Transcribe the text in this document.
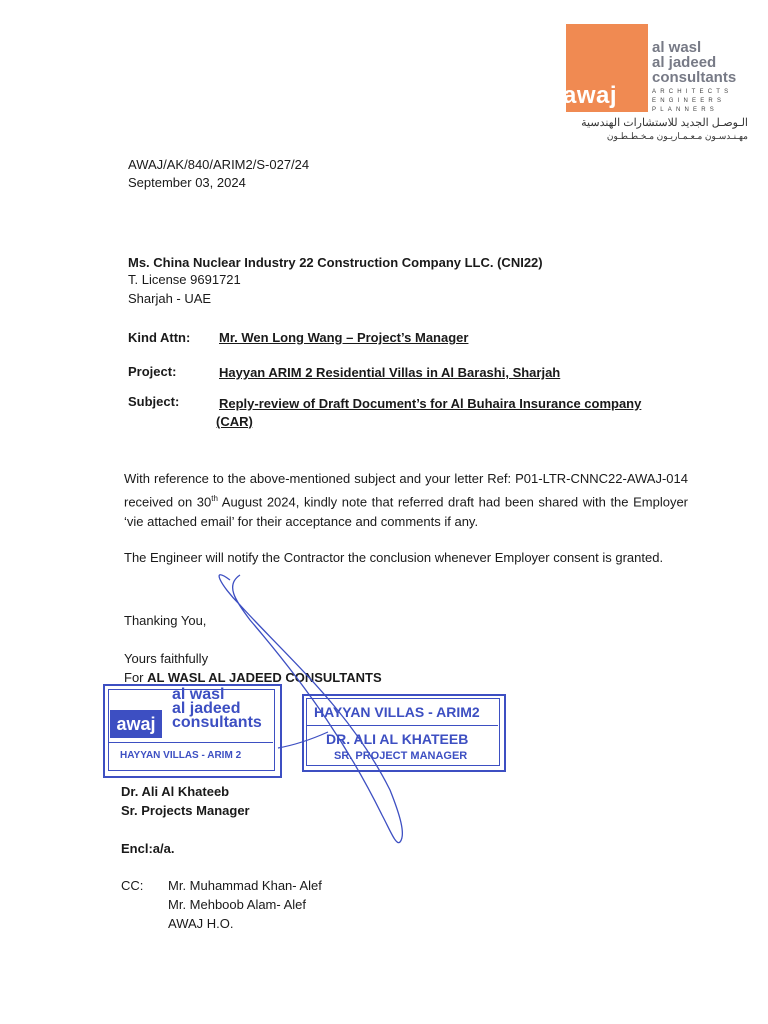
awaj
al wasl
al jadeed
consultants
ARCHITECTS
ENGINEERS
PLANNERS
الـوصـل الجديد للاستشارات الهندسية
مهـنـدسـون مـعـمـاريـون مـخـطـطـون
AWAJ/AK/840/ARIM2/S-027/24
September 03, 2024
Ms. China Nuclear Industry 22 Construction Company LLC. (CNI22)
T. License 9691721
Sharjah - UAE
Kind Attn: Mr. Wen Long Wang – Project’s Manager
Project:	Hayyan ARIM 2 Residential Villas in Al Barashi, Sharjah
Subject:	Reply-review of Draft Document’s for Al Buhaira Insurance company
(CAR)
With reference to the above-mentioned subject and your letter Ref: P01-LTR-CNNC22-AWAJ-014 received on 30th August 2024, kindly note that referred draft had been shared with the Employer ‘vie attached email’ for their acceptance and comments if any.
The Engineer will notify the Contractor the conclusion whenever Employer consent is granted.
Thanking You,
Yours faithfully
For AL WASL AL JADEED CONSULTANTS
awaj
al wasl
al jadeed
consultants
HAYYAN VILLAS - ARIM 2
HAYYAN VILLAS - ARIM2
DR. ALI AL KHATEEB
SR. PROJECT MANAGER
Dr. Ali Al Khateeb
Sr. Projects Manager
Encl:a/a.
CC: Mr. Muhammad Khan- Alef
Mr. Mehboob Alam- Alef
AWAJ H.O.
